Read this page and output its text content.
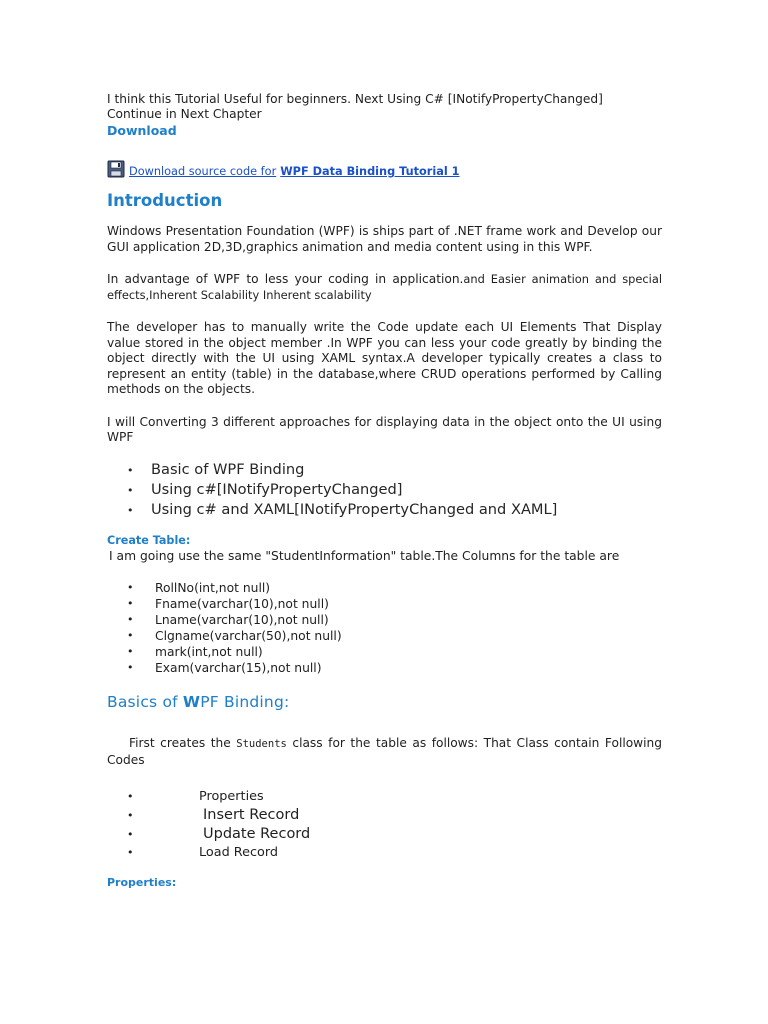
I think this Tutorial Useful for beginners. Next Using C# [INotifyPropertyChanged]

Continue in Next Chapter

Download

Download source code for WPF Data Binding Tutorial 1

Introduction

Windows Presentation Foundation (WPF) is ships part of .NET frame work and Develop our GUI application 2D,3D,graphics animation and media content using in this WPF.

In advantage of WPF to less your coding in application.and Easier animation and special effects,Inherent Scalability Inherent scalability

The developer has to manually write the Code update each UI Elements That Display value stored in the object member .In WPF you can less your code greatly by binding the object directly with the UI using XAML syntax.A developer typically creates a class to represent an entity (table) in the database,where CRUD operations performed by Calling methods on the objects.

I will Converting 3 different approaches for displaying data in the object onto the UI using WPF

•	Basic of WPF Binding
•	Using c#[INotifyPropertyChanged]
•	Using c# and XAML[INotifyPropertyChanged and XAML]

Create Table:

I am going use the same "StudentInformation" table.The Columns for the table are

•	RollNo(int,not null)
•	Fname(varchar(10),not null)
•	Lname(varchar(10),not null)
•	Clgname(varchar(50),not null)
•	mark(int,not null)
•	Exam(varchar(15),not null)

Basics of WPF Binding:

First creates the Students class for the table as follows: That Class contain Following Codes

•	Properties
•	Insert Record
•	Update Record
•	Load Record

Properties:
